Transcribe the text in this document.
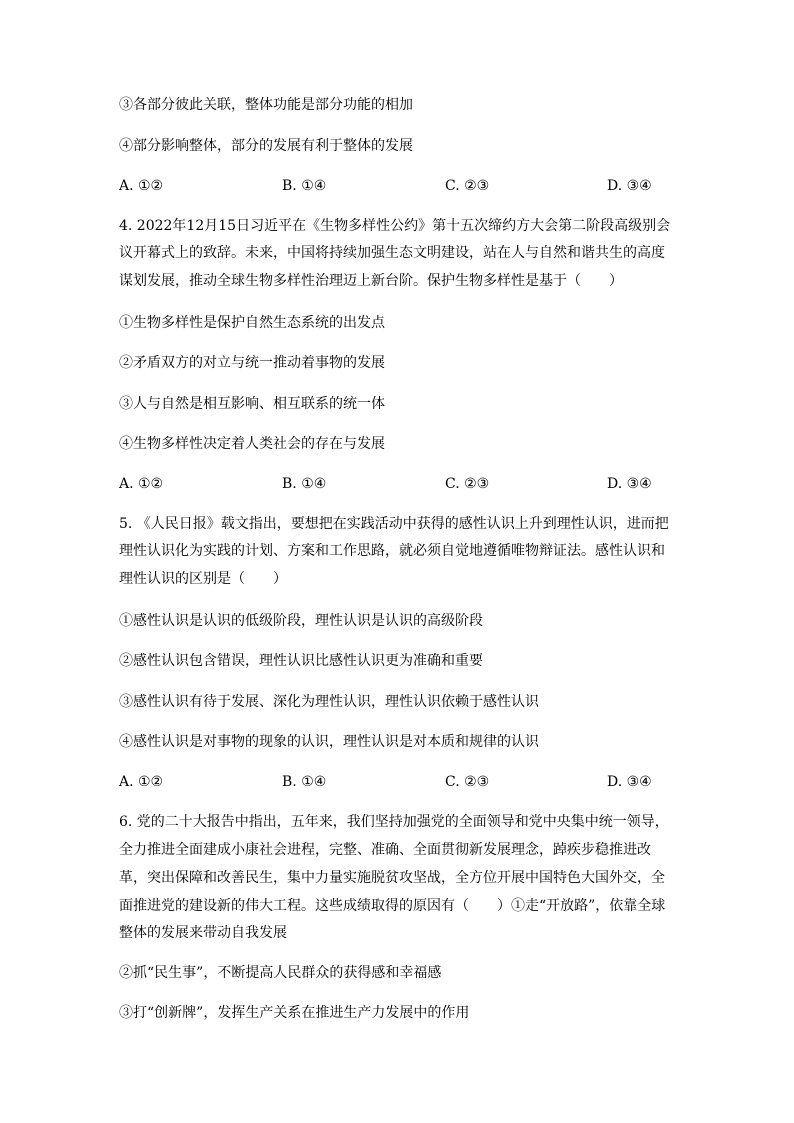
③各部分彼此关联，整体功能是部分功能的相加
④部分影响整体，部分的发展有利于整体的发展
A. ①②	B. ①④	C. ②③	D. ③④
4. 2022年12月15日习近平在《生物多样性公约》第十五次缔约方大会第二阶段高级别会
议开幕式上的致辞。未来，中国将持续加强生态文明建设，站在人与自然和谐共生的高度
谋划发展，推动全球生物多样性治理迈上新台阶。保护生物多样性是基于（　　）
①生物多样性是保护自然生态系统的出发点
②矛盾双方的对立与统一推动着事物的发展
③人与自然是相互影响、相互联系的统一体
④生物多样性决定着人类社会的存在与发展
A. ①②	B. ①④	C. ②③	D. ③④
5. 《人民日报》载文指出，要想把在实践活动中获得的感性认识上升到理性认识，进而把
理性认识化为实践的计划、方案和工作思路，就必须自觉地遵循唯物辩证法。感性认识和
理性认识的区别是（　　）
①感性认识是认识的低级阶段，理性认识是认识的高级阶段
②感性认识包含错误，理性认识比感性认识更为准确和重要
③感性认识有待于发展、深化为理性认识，理性认识依赖于感性认识
④感性认识是对事物的现象的认识，理性认识是对本质和规律的认识
A. ①②	B. ①④	C. ②③	D. ③④
6. 党的二十大报告中指出，五年来，我们坚持加强党的全面领导和党中央集中统一领导，
全力推进全面建成小康社会进程，完整、准确、全面贯彻新发展理念，踔疾步稳推进改
革，突出保障和改善民生，集中力量实施脱贫攻坚战，全方位开展中国特色大国外交，全
面推进党的建设新的伟大工程。这些成绩取得的原因有（　　）①走“开放路”，依靠全球
整体的发展来带动自我发展
②抓“民生事”，不断提高人民群众的获得感和幸福感
③打“创新牌”，发挥生产关系在推进生产力发展中的作用
